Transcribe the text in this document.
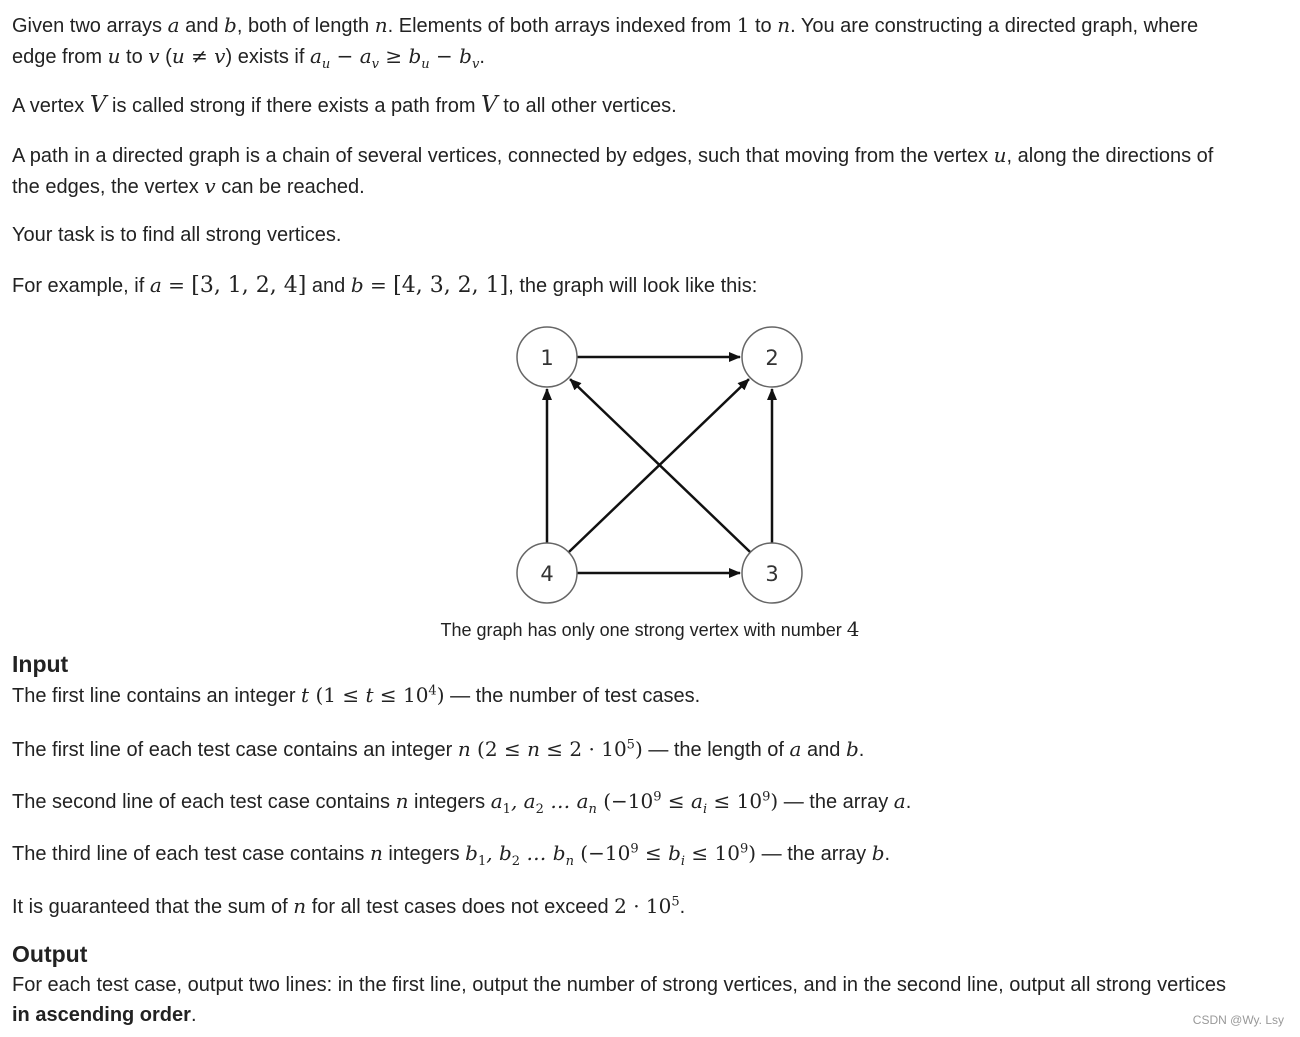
Given two arrays a and b, both of length n. Elements of both arrays indexed from 1 to n. You are constructing a directed graph, where
edge from u to v (u ≠ v) exists if $a_u - a_v \ge b_u - b_v$.

A vertex V is called strong if there exists a path from V to all other vertices.

A path in a directed graph is a chain of several vertices, connected by edges, such that moving from the vertex u, along the directions of
the edges, the vertex v can be reached.

Your task is to find all strong vertices.

For example, if a = [3, 1, 2, 4] and b = [4, 3, 2, 1], the graph will look like this:

1	2
3
4
The graph has only one strong vertex with number 4

Input

The first line contains an integer t $(1 \le t \le 10^4)$ — the number of test cases.

The first line of each test case contains an integer n $(2 \le n \le 2 \cdot 10^5)$ — the length of a and b.

The second line of each test case contains n integers $a_1$, $a_2$ … $a_n$ $(-10^9 \le a_i \le 10^9)$ — the array a.

The third line of each test case contains n integers $b_1$, $b_2$ … $b_n$ $(-10^9 \le b_i \le 10^9)$ — the array b.

It is guaranteed that the sum of n for all test cases does not exceed $2 \cdot 10^5$.

Output

For each test case, output two lines: in the first line, output the number of strong vertices, and in the second line, output all strong vertices
in ascending order.	CSDN @Wy. Lsy
